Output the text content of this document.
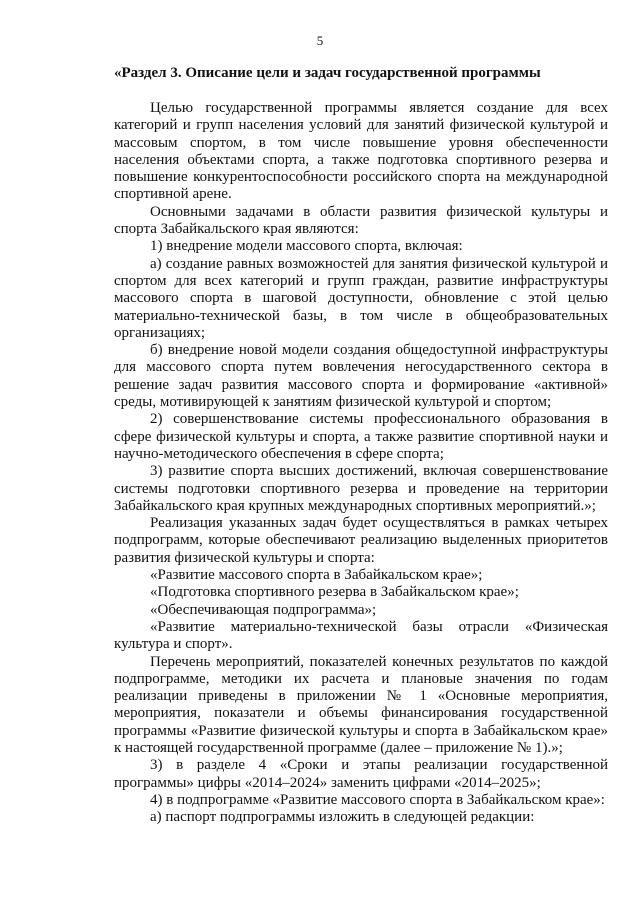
5
«Раздел 3. Описание цели и задач государственной программы

Целью государственной программы является создание для всех категорий и групп населения условий для занятий физической культурой и массовым спортом, в том числе повышение уровня обеспеченности населения объектами спорта, а также подготовка спортивного резерва и повышение конкурентоспособности российского спорта на международной спортивной арене.

Основными задачами в области развития физической культуры и спорта Забайкальского края являются:

1) внедрение модели массового спорта, включая:

а) создание равных возможностей для занятия физической культурой и спортом для всех категорий и групп граждан, развитие инфраструктуры массового спорта в шаговой доступности, обновление с этой целью материально-технической базы, в том числе в общеобразовательных организациях;

б) внедрение новой модели создания общедоступной инфраструктуры для массового спорта путем вовлечения негосударственного сектора в решение задач развития массового спорта и формирование «активной» среды, мотивирующей к занятиям физической культурой и спортом;

2) совершенствование системы профессионального образования в сфере физической культуры и спорта, а также развитие спортивной науки и научно-методического обеспечения в сфере спорта;

3) развитие спорта высших достижений, включая совершенствование системы подготовки спортивного резерва и проведение на территории Забайкальского края крупных международных спортивных мероприятий.»;

Реализация указанных задач будет осуществляться в рамках четырех подпрограмм, которые обеспечивают реализацию выделенных приоритетов развития физической культуры и спорта:

«Развитие массового спорта в Забайкальском крае»;

«Подготовка спортивного резерва в Забайкальском крае»;

«Обеспечивающая подпрограмма»;

«Развитие материально-технической базы отрасли «Физическая культура и спорт».

Перечень мероприятий, показателей конечных результатов по каждой подпрограмме, методики их расчета и плановые значения по годам реализации приведены в приложении № 1 «Основные мероприятия, мероприятия, показатели и объемы финансирования государственной программы «Развитие физической культуры и спорта в Забайкальском крае» к настоящей государственной программе (далее – приложение № 1).»;

3) в разделе 4 «Сроки и этапы реализации государственной программы» цифры «2014–2024» заменить цифрами «2014–2025»;

4) в подпрограмме «Развитие массового спорта в Забайкальском крае»:

а) паспорт подпрограммы изложить в следующей редакции:
